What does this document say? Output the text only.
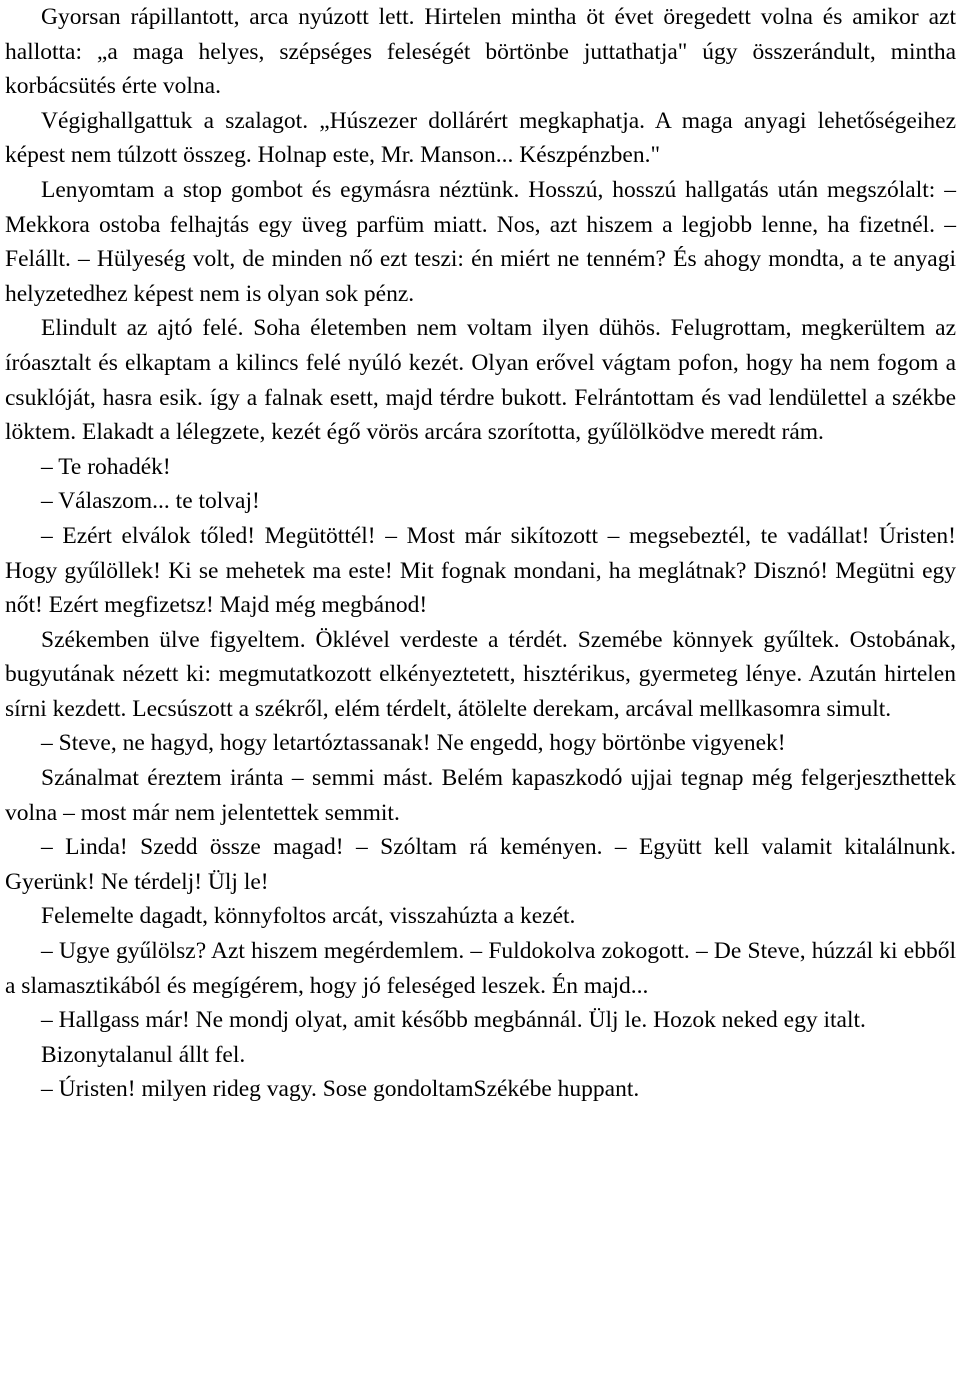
Gyorsan rápillantott, arca nyúzott lett. Hirtelen mintha öt évet öregedett volna és amikor azt hallotta: „a maga helyes, szépséges feleségét börtönbe juttathatja" úgy összerándult, mintha korbácsütés érte volna.

Végighallgattuk a szalagot. „Húszezer dollárért megkaphatja. A maga anyagi lehetőségeihez képest nem túlzott összeg. Holnap este, Mr. Manson... Készpénzben."

Lenyomtam a stop gombot és egymásra néztünk. Hosszú, hosszú hallgatás után megszólalt: ‒ Mekkora ostoba felhajtás egy üveg parfüm miatt. Nos, azt hiszem a legjobb lenne, ha fizetnél. ‒ Felállt. ‒ Hülyeség volt, de minden nő ezt teszi: én miért ne tenném? És ahogy mondta, a te anyagi helyzetedhez képest nem is olyan sok pénz.

Elindult az ajtó felé. Soha életemben nem voltam ilyen dühös. Felugrottam, megkerültem az íróasztalt és elkaptam a kilincs felé nyúló kezét. Olyan erővel vágtam pofon, hogy ha nem fogom a csuklóját, hasra esik. így a falnak esett, majd térdre bukott. Felrántottam és vad lendülettel a székbe löktem. Elakadt a lélegzete, kezét égő vörös arcára szorította, gyűlölködve meredt rám.

‒ Te rohadék!

‒ Válaszom... te tolvaj!

‒ Ezért elválok tőled! Megütöttél! ‒ Most már sikítozott ‒ megsebeztél, te vadállat! Úristen! Hogy gyűlöllek! Ki se mehetek ma este! Mit fognak mondani, ha meglátnak? Disznó! Megütni egy nőt! Ezért megfizetsz! Majd még megbánod!

Székemben ülve figyeltem. Öklével verdeste a térdét. Szemébe könnyek gyűltek. Ostobának, bugyutának nézett ki: megmutatkozott elkényeztetett, hisztérikus, gyermeteg lénye. Azután hirtelen sírni kezdett. Lecsúszott a székről, elém térdelt, átölelte derekam, arcával mellkasomra simult.

‒ Steve, ne hagyd, hogy letartóztassanak! Ne engedd, hogy börtönbe vigyenek!

Szánalmat éreztem iránta ‒ semmi mást. Belém kapaszkodó ujjai tegnap még felgerjeszthettek volna ‒ most már nem jelentettek semmit.

‒ Linda! Szedd össze magad! ‒ Szóltam rá keményen. ‒ Együtt kell valamit kitalálnunk. Gyerünk! Ne térdelj! Ülj le!

Felemelte dagadt, könnyfoltos arcát, visszahúzta a kezét.

‒ Ugye gyűlölsz? Azt hiszem megérdemlem. ‒ Fuldokolva zokogott. ‒ De Steve, húzzál ki ebből a slamasztikából és megígérem, hogy jó feleséged leszek. Én majd...

‒ Hallgass már! Ne mondj olyat, amit később megbánnál. Ülj le. Hozok neked egy italt.

Bizonytalanul állt fel.

‒ Úristen! milyen rideg vagy. Sose gondoltamSzékébe huppant.
